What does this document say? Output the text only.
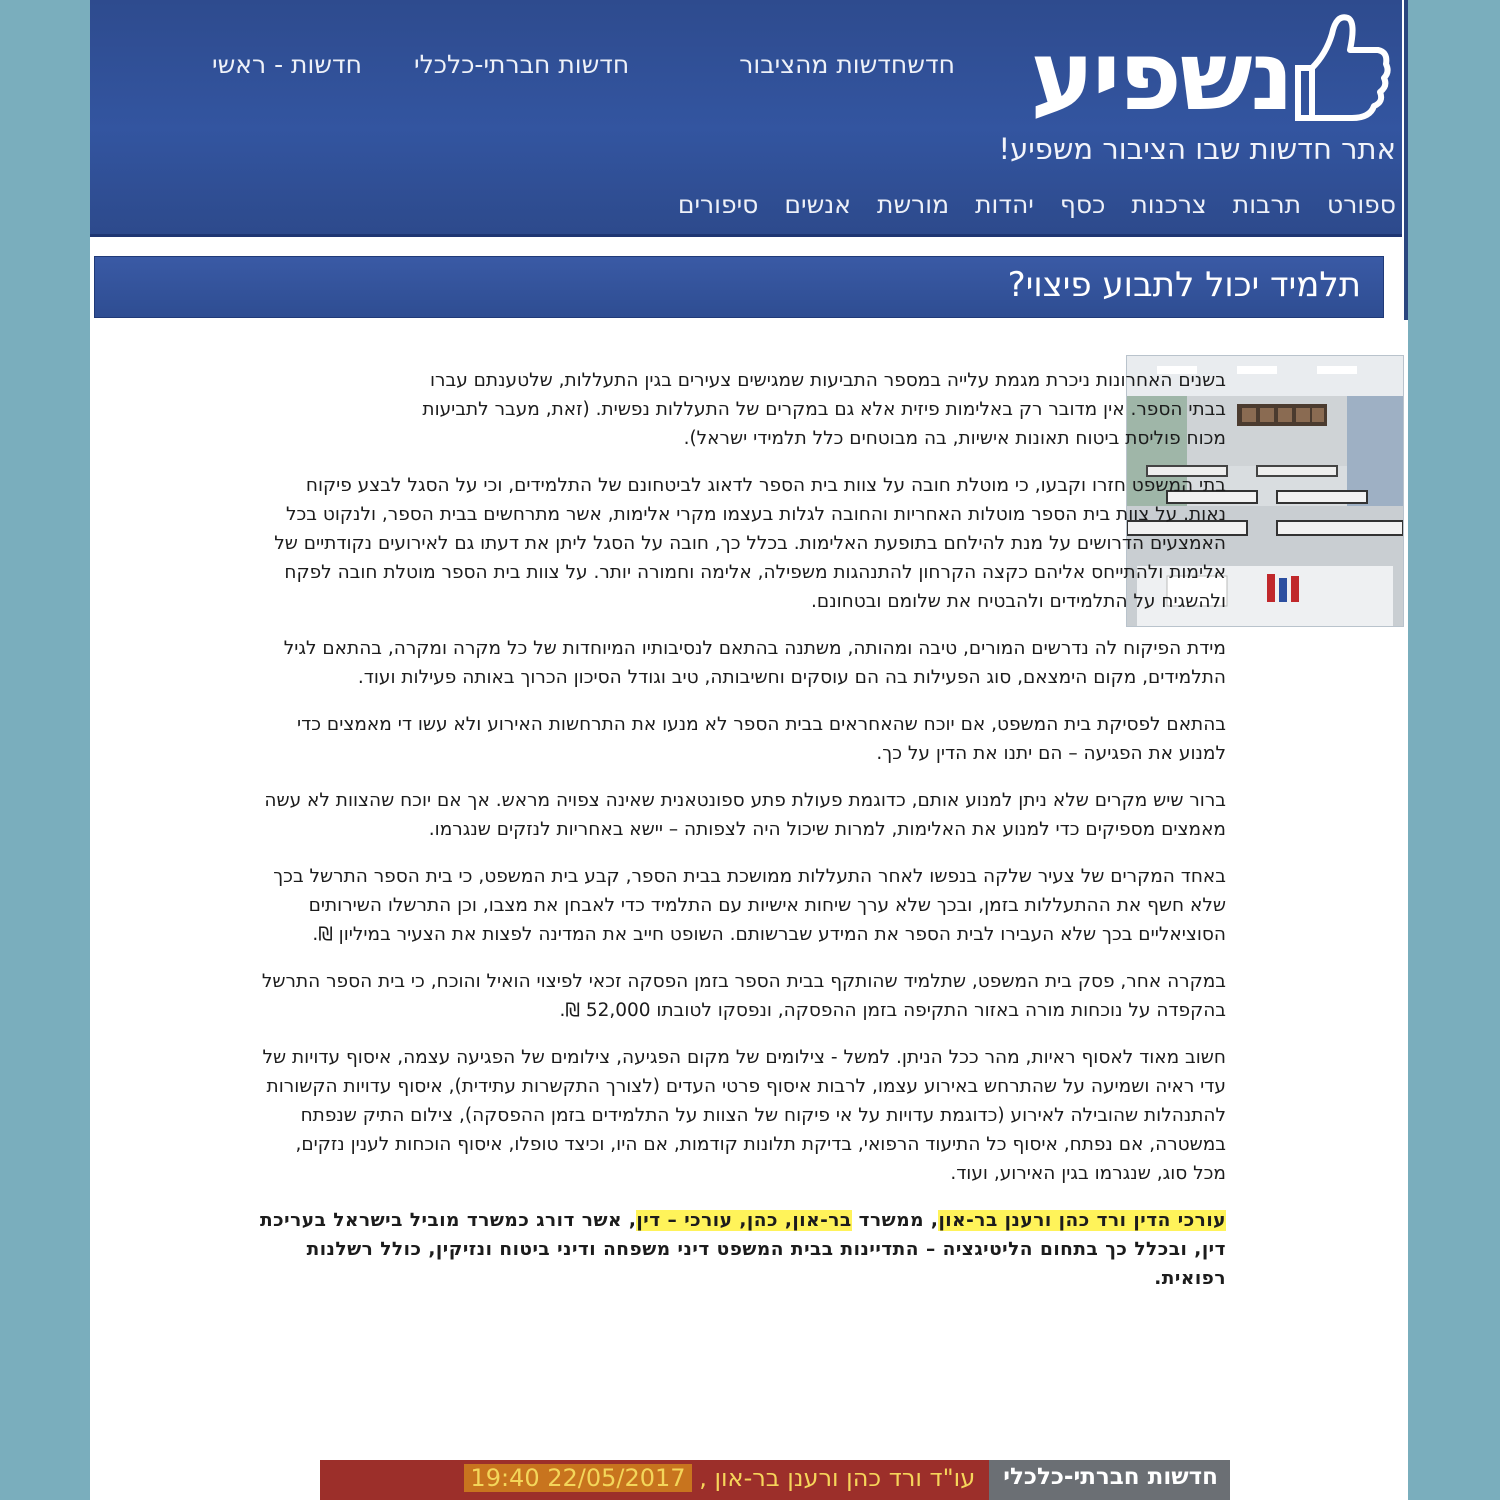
נשפיע
חדשות - ראשי חדשות חברתי-כלכלי	חדשות מהציבור חדש
אתר חדשות שבו הציבור משפיע!
ספורט
תרבות
צרכנות
כסף
יהדות
מורשת
אנשים
סיפורים
תלמיד יכול לתבוע פיצוי?

בשנים האחרונות ניכרת מגמת עלייה במספר התביעות שמגישים צעירים בגין התעללות, שלטענתם עברו בבתי הספר. אין מדובר רק באלימות פיזית אלא גם במקרים של התעללות נפשית. (זאת, מעבר לתביעות מכוח פוליסת ביטוח תאונות אישיות, בה מבוטחים כלל תלמידי ישראל).

בתי המשפט חזרו וקבעו, כי מוטלת חובה על צוות בית הספר לדאוג לביטחונם של התלמידים, וכי על הסגל לבצע פיקוח נאות. על צוות בית הספר מוטלות האחריות והחובה לגלות בעצמו מקרי אלימות, אשר מתרחשים בבית הספר, ולנקוט בכל האמצעים הדרושים על מנת להילחם בתופעת האלימות. בכלל כך, חובה על הסגל ליתן את דעתו גם לאירועים נקודתיים של אלימות ולהתייחס אליהם כקצה הקרחון להתנהגות משפילה, אלימה וחמורה יותר. על צוות בית הספר מוטלת חובה לפקח ולהשגיח על התלמידים ולהבטיח את שלומם ובטחונם.

מידת הפיקוח לה נדרשים המורים, טיבה ומהותה, משתנה בהתאם לנסיבותיו המיוחדות של כל מקרה ומקרה, בהתאם לגיל התלמידים, מקום הימצאם, סוג הפעילות בה הם עוסקים וחשיבותה, טיב וגודל הסיכון הכרוך באותה פעילות ועוד.

בהתאם לפסיקת בית המשפט, אם יוכח שהאחראים בבית הספר לא מנעו את התרחשות האירוע ולא עשו די מאמצים כדי למנוע את הפגיעה – הם יתנו את הדין על כך.

ברור שיש מקרים שלא ניתן למנוע אותם, כדוגמת פעולת פתע ספונטאנית שאינה צפויה מראש. אך אם יוכח שהצוות לא עשה מאמצים מספיקים כדי למנוע את האלימות, למרות שיכול היה לצפותה – יישא באחריות לנזקים שנגרמו.

באחד המקרים של צעיר שלקה בנפשו לאחר התעללות ממושכת בבית הספר, קבע בית המשפט, כי בית הספר התרשל בכך שלא חשף את ההתעללות בזמן, ובכך שלא ערך שיחות אישיות עם התלמיד כדי לאבחן את מצבו, וכן התרשלו השירותים הסוציאליים בכך שלא העבירו לבית הספר את המידע שברשותם. השופט חייב את המדינה לפצות את הצעיר במיליון ₪.

במקרה אחר, פסק בית המשפט, שתלמיד שהותקף בבית הספר בזמן הפסקה זכאי לפיצוי הואיל והוכח, כי בית הספר התרשל בהקפדה על נוכחות מורה באזור התקיפה בזמן ההפסקה, ונפסקו לטובתו 52,000 ₪.

חשוב מאוד לאסוף ראיות, מהר ככל הניתן. למשל - צילומים של מקום הפגיעה, צילומים של הפגיעה עצמה, איסוף עדויות של עדי ראיה ושמיעה על שהתרחש באירוע עצמו, לרבות איסוף פרטי העדים (לצורך התקשרות עתידית), איסוף עדויות הקשורות להתנהלות שהובילה לאירוע (כדוגמת עדויות על אי פיקוח של הצוות על התלמידים בזמן ההפסקה), צילום התיק שנפתח במשטרה, אם נפתח, איסוף כל התיעוד הרפואי, בדיקת תלונות קודמות, אם היו, וכיצד טופלו, איסוף הוכחות לענין נזקים, מכל סוג, שנגרמו בגין האירוע, ועוד.

עורכי הדין ורד כהן ורענן בר-און, ממשרד בר-און, כהן, עורכי – דין, אשר דורג כמשרד מוביל בישראל בעריכת דין, ובכלל כך בתחום הליטיגציה – התדיינות בבית המשפט דיני משפחה ודיני ביטוח ונזיקין, כולל רשלנות רפואית.

חדשות חברתי-כלכלי
עו"ד ורד כהן ורענן בר-און , 22/05/2017 19:40
